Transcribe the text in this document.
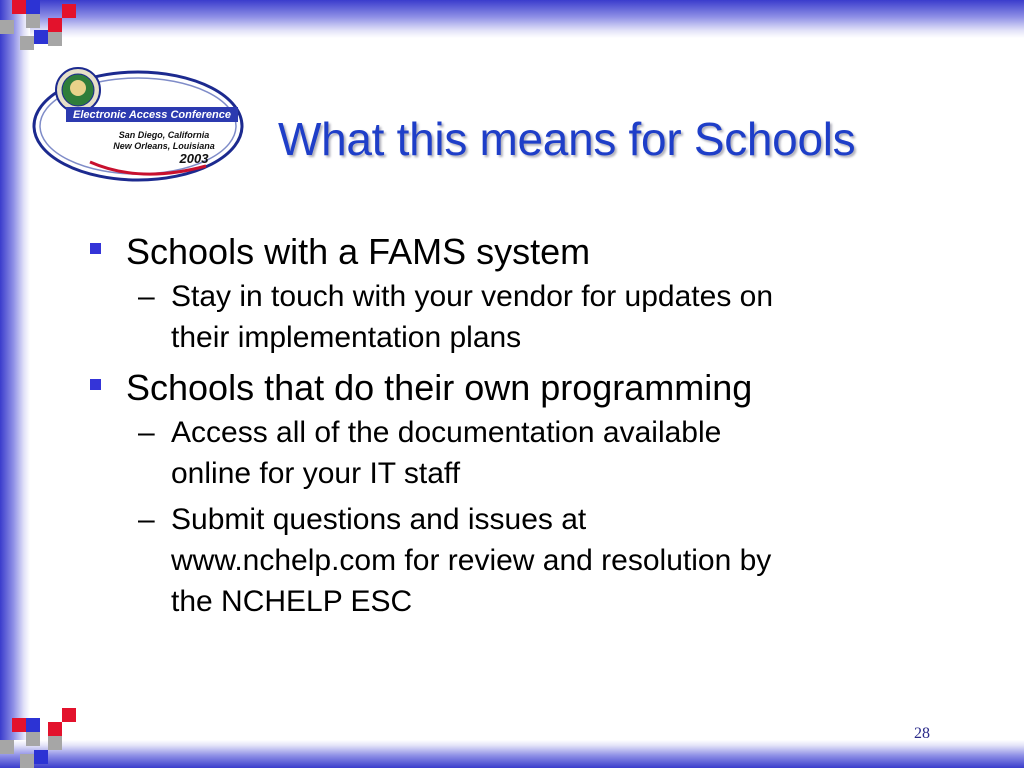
Electronic Access Conference
San Diego, California
New Orleans, Louisiana
2003 What this means for Schools

Schools with a FAMS system

– Stay in touch with your vendor for updates on
their implementation plans

Schools that do their own programming

– Access all of the documentation available
online for your IT staff
– Submit questions and issues at
www.nchelp.com for review and resolution by
the NCHELP ESC
28
